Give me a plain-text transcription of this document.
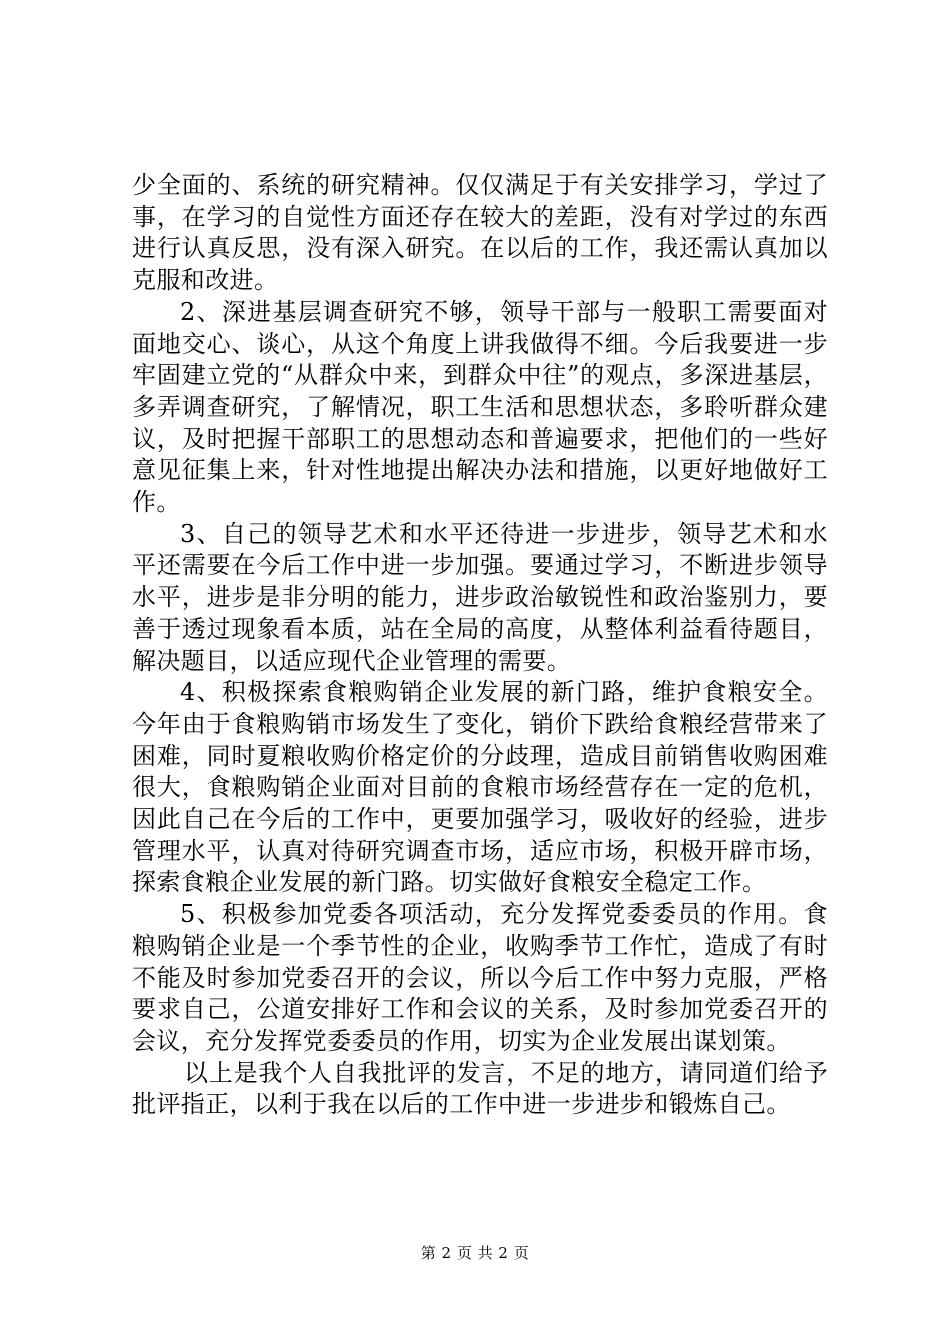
少全面的、系统的研究精神。仅仅满足于有关安排学习，学过了事，在学习的自觉性方面还存在较大的差距，没有对学过的东西进行认真反思，没有深入研究。在以后的工作，我还需认真加以克服和改进。

2、深进基层调查研究不够，领导干部与一般职工需要面对面地交心、谈心，从这个角度上讲我做得不细。今后我要进一步牢固建立党的“从群众中来，到群众中往”的观点，多深进基层，多弄调查研究，了解情况，职工生活和思想状态，多聆听群众建议，及时把握干部职工的思想动态和普遍要求，把他们的一些好意见征集上来，针对性地提出解决办法和措施，以更好地做好工作。

3、自己的领导艺术和水平还待进一步进步，领导艺术和水平还需要在今后工作中进一步加强。要通过学习，不断进步领导水平，进步是非分明的能力，进步政治敏锐性和政治鉴别力，要善于透过现象看本质，站在全局的高度，从整体利益看待题目，解决题目，以适应现代企业管理的需要。

4、积极探索食粮购销企业发展的新门路，维护食粮安全。今年由于食粮购销市场发生了变化，销价下跌给食粮经营带来了困难，同时夏粮收购价格定价的分歧理，造成目前销售收购困难很大，食粮购销企业面对目前的食粮市场经营存在一定的危机，因此自己在今后的工作中，更要加强学习，吸收好的经验，进步管理水平，认真对待研究调查市场，适应市场，积极开辟市场，探索食粮企业发展的新门路。切实做好食粮安全稳定工作。

5、积极参加党委各项活动，充分发挥党委委员的作用。食粮购销企业是一个季节性的企业，收购季节工作忙，造成了有时不能及时参加党委召开的会议，所以今后工作中努力克服，严格要求自己，公道安排好工作和会议的关系，及时参加党委召开的会议，充分发挥党委委员的作用，切实为企业发展出谋划策。

以上是我个人自我批评的发言，不足的地方，请同道们给予批评指正，以利于我在以后的工作中进一步进步和锻炼自己。

第 2 页 共 2 页
